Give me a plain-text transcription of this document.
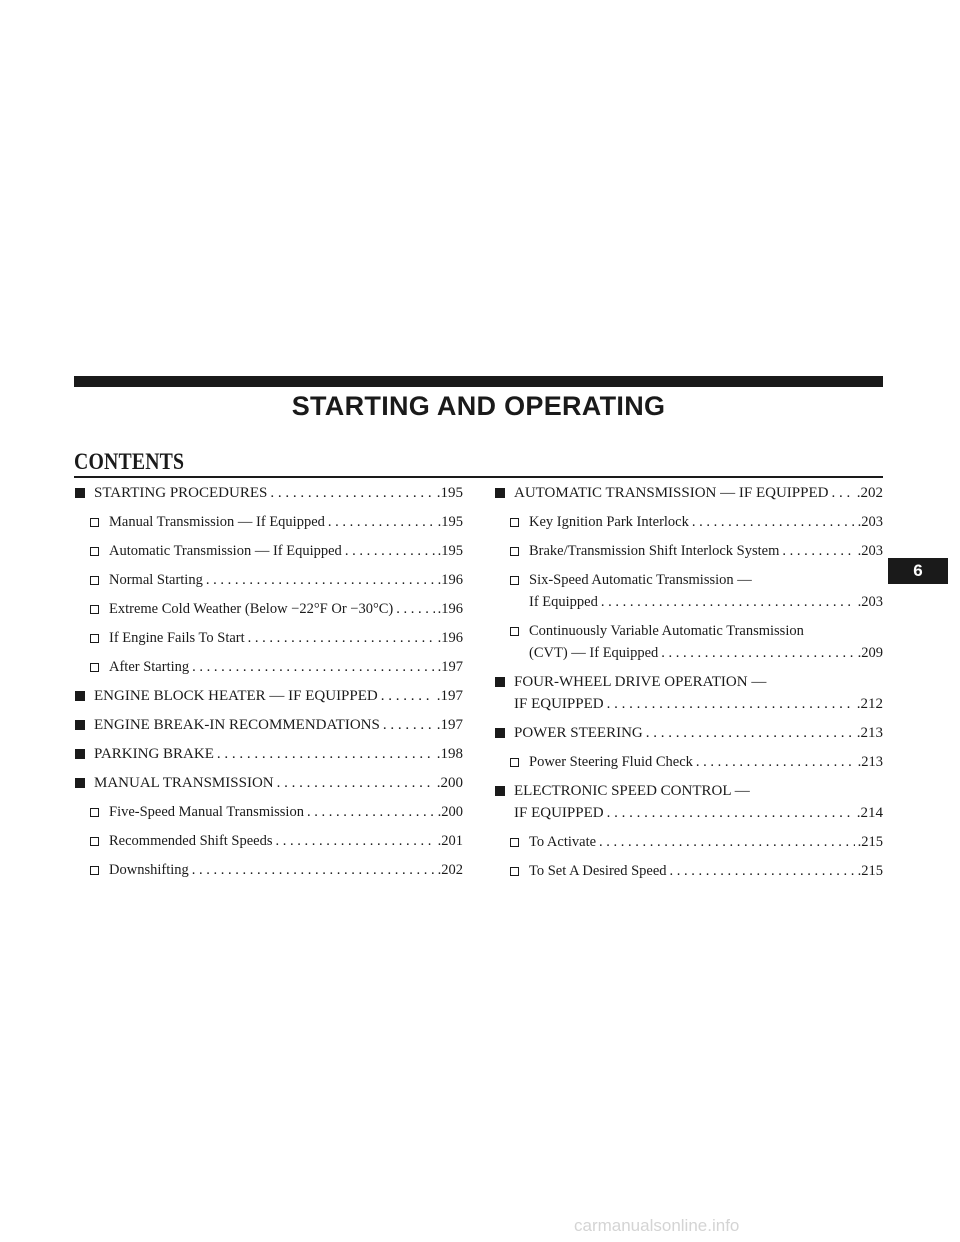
STARTING AND OPERATING
CONTENTS
STARTING PROCEDURES . . .	.195
Manual Transmission — If Equipped . . .	.195
Automatic Transmission — If Equipped . . .	.195
Normal Starting . . .	.196
Extreme Cold Weather (Below −22°F Or −30°C) . . .	.196
If Engine Fails To Start . . .	.196
After Starting . . .	.197
ENGINE BLOCK HEATER — IF EQUIPPED . . .	.197
ENGINE BREAK-IN RECOMMENDATIONS . . .	.197
PARKING BRAKE . . .	.198
MANUAL TRANSMISSION . . .	.200
Five-Speed Manual Transmission . . .	.200
Recommended Shift Speeds . . .	.201
Downshifting . . .	.202
AUTOMATIC TRANSMISSION — IF EQUIPPED . . . .202
Key Ignition Park Interlock . . .	.203
Brake/Transmission Shift Interlock System . . .	.203
Six-Speed Automatic Transmission —
If Equipped . . .	.203
Continuously Variable Automatic Transmission
(CVT) — If Equipped . . .	.209
FOUR-WHEEL DRIVE OPERATION —
IF EQUIPPED . . .	.212
POWER STEERING . . .	.213
Power Steering Fluid Check . . .	.213
ELECTRONIC SPEED CONTROL —
IF EQUIPPED . . .	.214
To Activate . . .	.215
To Set A Desired Speed . . .	.215
6
carmanualsonline.info
